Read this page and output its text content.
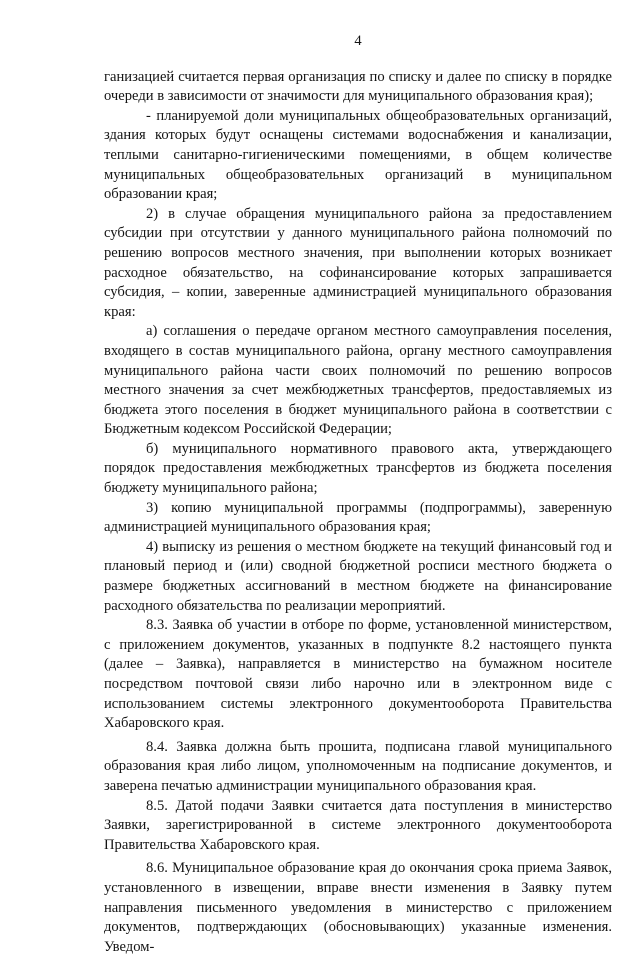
4

ганизацией считается первая организация по списку и далее по списку в порядке очереди в зависимости от значимости для муниципального образования края);

- планируемой доли муниципальных общеобразовательных организаций, здания которых будут оснащены системами водоснабжения и канализации, теплыми санитарно-гигиеническими помещениями, в общем количестве муниципальных общеобразовательных организаций в муниципальном образовании края;

2) в случае обращения муниципального района за предоставлением субсидии при отсутствии у данного муниципального района полномочий по решению вопросов местного значения, при выполнении которых возникает расходное обязательство, на софинансирование которых запрашивается субсидия, – копии, заверенные администрацией муниципального образования края:

а) соглашения о передаче органом местного самоуправления поселения, входящего в состав муниципального района, органу местного самоуправления муниципального района части своих полномочий по решению вопросов местного значения за счет межбюджетных трансфертов, предоставляемых из бюджета этого поселения в бюджет муниципального района в соответствии с Бюджетным кодексом Российской Федерации;

б) муниципального нормативного правового акта, утверждающего порядок предоставления межбюджетных трансфертов из бюджета поселения бюджету муниципального района;

3) копию муниципальной программы (подпрограммы), заверенную администрацией муниципального образования края;

4) выписку из решения о местном бюджете на текущий финансовый год и плановый период и (или) сводной бюджетной росписи местного бюджета о размере бюджетных ассигнований в местном бюджете на финансирование расходного обязательства по реализации мероприятий.

8.3. Заявка об участии в отборе по форме, установленной министерством, с приложением документов, указанных в подпункте 8.2 настоящего пункта (далее – Заявка), направляется в министерство на бумажном носителе посредством почтовой связи либо нарочно или в электронном виде с использованием системы электронного документооборота Правительства Хабаровского края.

8.4. Заявка должна быть прошита, подписана главой муниципального образования края либо лицом, уполномоченным на подписание документов, и заверена печатью администрации муниципального образования края.

8.5. Датой подачи Заявки считается дата поступления в министерство Заявки, зарегистрированной в системе электронного документооборота Правительства Хабаровского края.

8.6. Муниципальное образование края до окончания срока приема Заявок, установленного в извещении, вправе внести изменения в Заявку путем направления письменного уведомления в министерство с приложением документов, подтверждающих (обосновывающих) указанные изменения. Уведом-
